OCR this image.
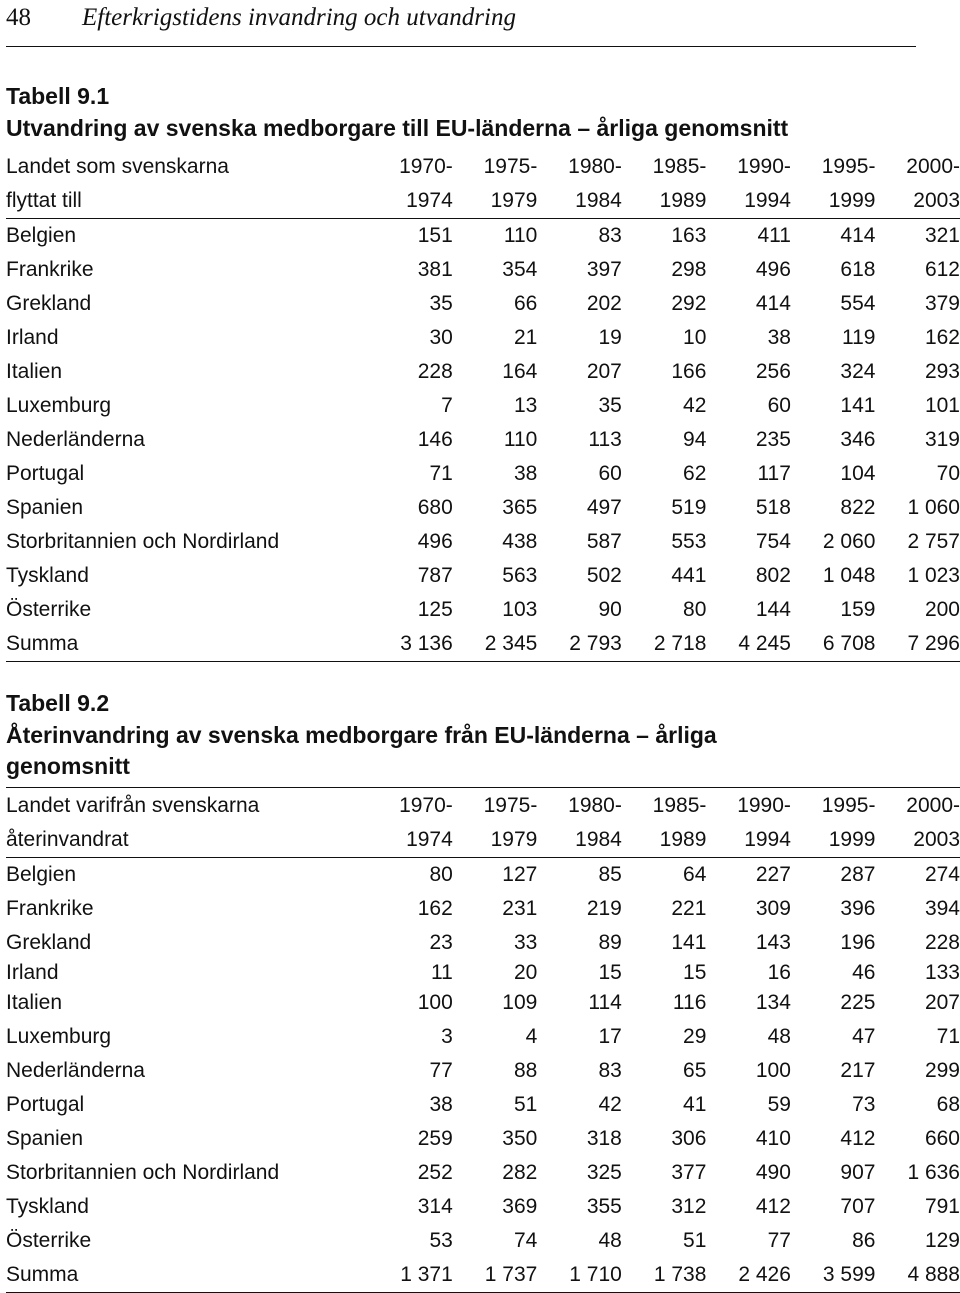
48 Efterkrigstidens invandring och utvandring

Tabell 9.1

Utvandring av svenska medborgare till EU-länderna – årliga genomsnitt

Landet som svenskarna	1970-	1975-	1980-	1985-	1990-	1995-	2000-
flyttat till	1974	1979	1984	1989	1994	1999	2003
Belgien	151	110	83	163	411	414	321
Frankrike	381	354	397	298	496	618	612
Grekland	35	66	202	292	414	554	379
Irland	30	21	19	10	38	119	162
Italien	228	164	207	166	256	324	293
Luxemburg	7	13	35	42	60	141	101
Nederländerna	146	110	113	94	235	346	319
Portugal	71	38	60	62	117	104	70
Spanien	680	365	497	519	518	822	1 060
Storbritannien och Nordirland	496	438	587	553	754	2 060	2 757
Tyskland	787	563	502	441	802	1 048	1 023
Österrike	125	103	90	80	144	159	200
Summa	3 136	2 345	2 793	2 718	4 245	6 708	7 296

Tabell 9.2

Återinvandring av svenska medborgare från EU-länderna – årliga

genomsnitt

Landet varifrån svenskarna	1970-	1975-	1980-	1985-	1990-	1995-	2000-
återinvandrat	1974	1979	1984	1989	1994	1999	2003
Belgien	80	127	85	64	227	287	274
Frankrike	162	231	219	221	309	396	394
Grekland	23	33	89	141	143	196	228
Irland	11	20	15	15	16	46	133
Italien	100	109	114	116	134	225	207
Luxemburg	3	4	17	29	48	47	71
Nederländerna	77	88	83	65	100	217	299
Portugal	38	51	42	41	59	73	68
Spanien	259	350	318	306	410	412	660
Storbritannien och Nordirland	252	282	325	377	490	907	1 636
Tyskland	314	369	355	312	412	707	791
Österrike	53	74	48	51	77	86	129
Summa	1 371	1 737	1 710	1 738	2 426	3 599	4 888
